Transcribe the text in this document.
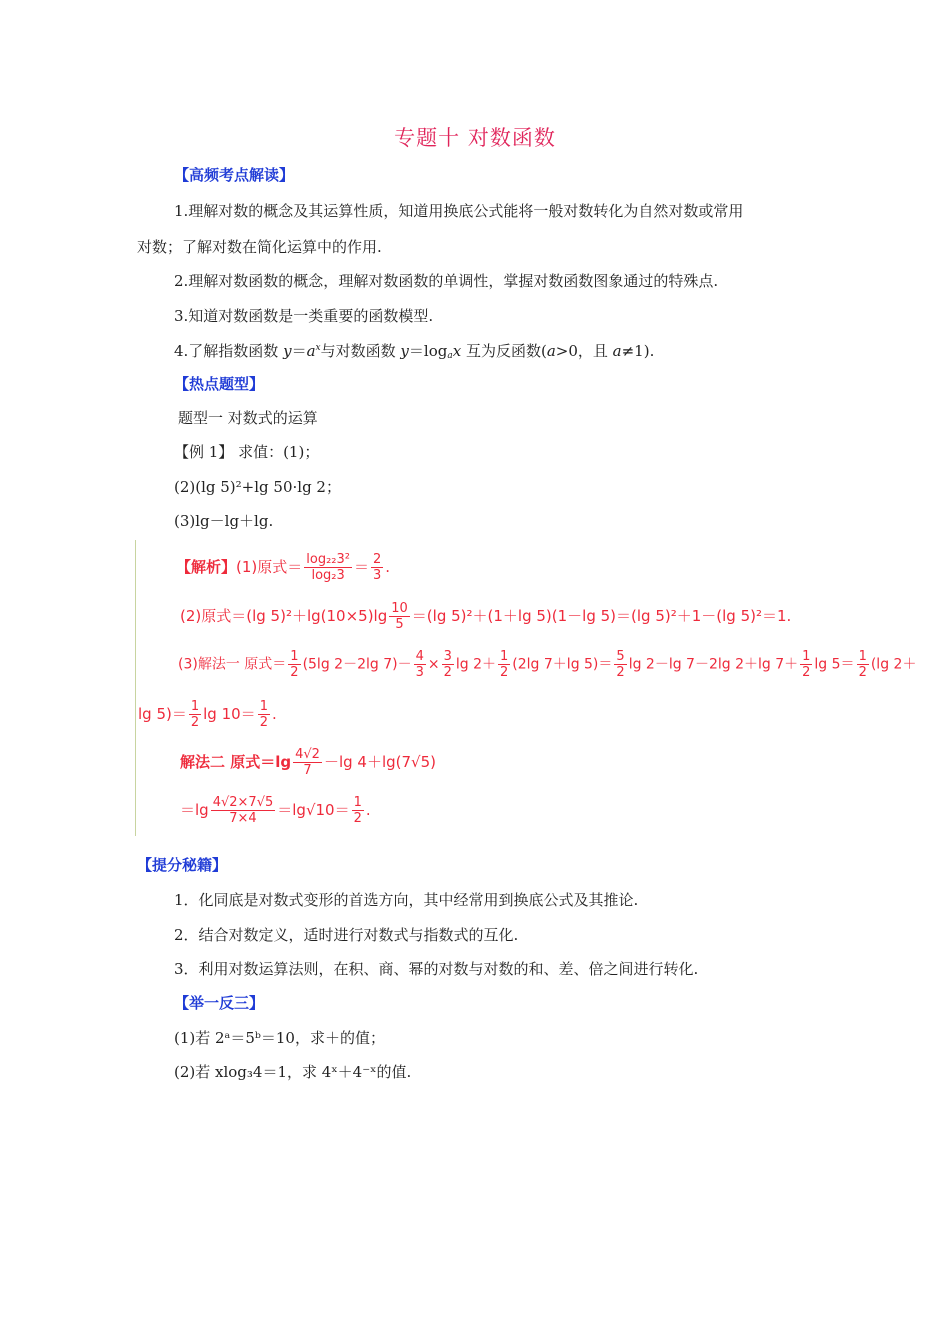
专题十 对数函数
【高频考点解读】
1.理解对数的概念及其运算性质，知道用换底公式能将一般对数转化为自然对数或常用
对数；了解对数在简化运算中的作用.
2.理解对数函数的概念，理解对数函数的单调性，掌握对数函数图象通过的特殊点.
3.知道对数函数是一类重要的函数模型.
4.了解指数函数 $y=a^x$与对数函数 $y=\log_ax$ 互为反函数(a>0，且 a≠1).
【热点题型】
题型一 对数式的运算
【例 1】 求值：(1)；
(2)(lg 5)²+lg 50·lg 2；
(3)lg－lg＋lg.
【解析】(1)原式＝ $\frac{\text{log₂₂3²}}{\text{log₂3}} = \frac{2}{3}$ .
(2)原式＝(lg $5)^2+\lg(10\times 5)\lg \frac{10}{5} =(\lg$ 5)²＋(1＋lg 5)(1－lg 5)＝(lg 5)²＋1－(lg 5)²＝1.
(3)解法一 原式＝ $\frac{1}{2} (5\lg$ 2－2lg $7)- \frac{4}{3} \times \frac{3}{2}$ $\lg 2+ \frac{1}{2} (2\lg$ 7＋lg $5)= \frac{5}{2}$ lg 2－lg 7－2lg 2＋lg $7+ \frac{1}{2}$ $\lg 5= \frac{1}{2} (\lg$ 2＋
$\lg 5)= \frac{1}{2}$ $\lg 10= \frac{1}{2}$ .
解法二 原式$=\lg \frac{4√2}{7} -\lg$ 4＋lg(7√5)
$=\lg \frac{4√2\times 7√5}{7\times 4} =\lg√10= \frac{1}{2}$ .
【提分秘籍】
1．化同底是对数式变形的首选方向，其中经常用到换底公式及其推论.
2．结合对数定义，适时进行对数式与指数式的互化.
3．利用对数运算法则，在积、商、幂的对数与对数的和、差、倍之间进行转化.
【举一反三】
(1)若 2ᵃ＝5ᵇ＝10，求＋的值；
(2)若 xlog₃4＝1，求 4ˣ＋4⁻ˣ的值.
